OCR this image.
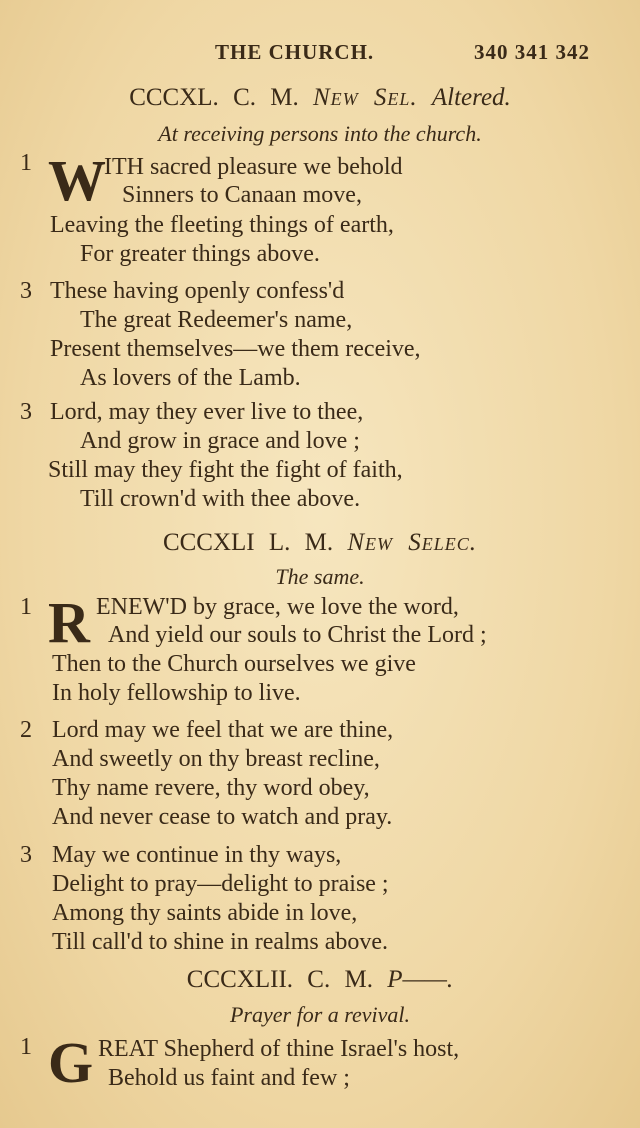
THE CHURCH.	340 341 342
CCCXL. C. M. New Sel. Altered.
At receiving persons into the church.
1 W
ITH sacred pleasure we behold
Sinners to Canaan move,
Leaving the fleeting things of earth,
For greater things above.
3 These having openly confess'd
The great Redeemer's name,
Present themselves—we them receive,
As lovers of the Lamb.
3 Lord, may they ever live to thee,
And grow in grace and love ;
Still may they fight the fight of faith,
Till crown'd with thee above.
CCCXLI L. M. New Selec.
The same.
1 R ENEW'D by grace, we love the word,
And yield our souls to Christ the Lord ;
Then to the Church ourselves we give
In holy fellowship to live.
2 Lord may we feel that we are thine,
And sweetly on thy breast recline,
Thy name revere, thy word obey,
And never cease to watch and pray.
3 May we continue in thy ways,
Delight to pray—delight to praise ;
Among thy saints abide in love,
Till call'd to shine in realms above.
CCCXLII. C. M. P——.
Prayer for a revival.
1 G REAT Shepherd of thine Israel's host,
Behold us faint and few ;
